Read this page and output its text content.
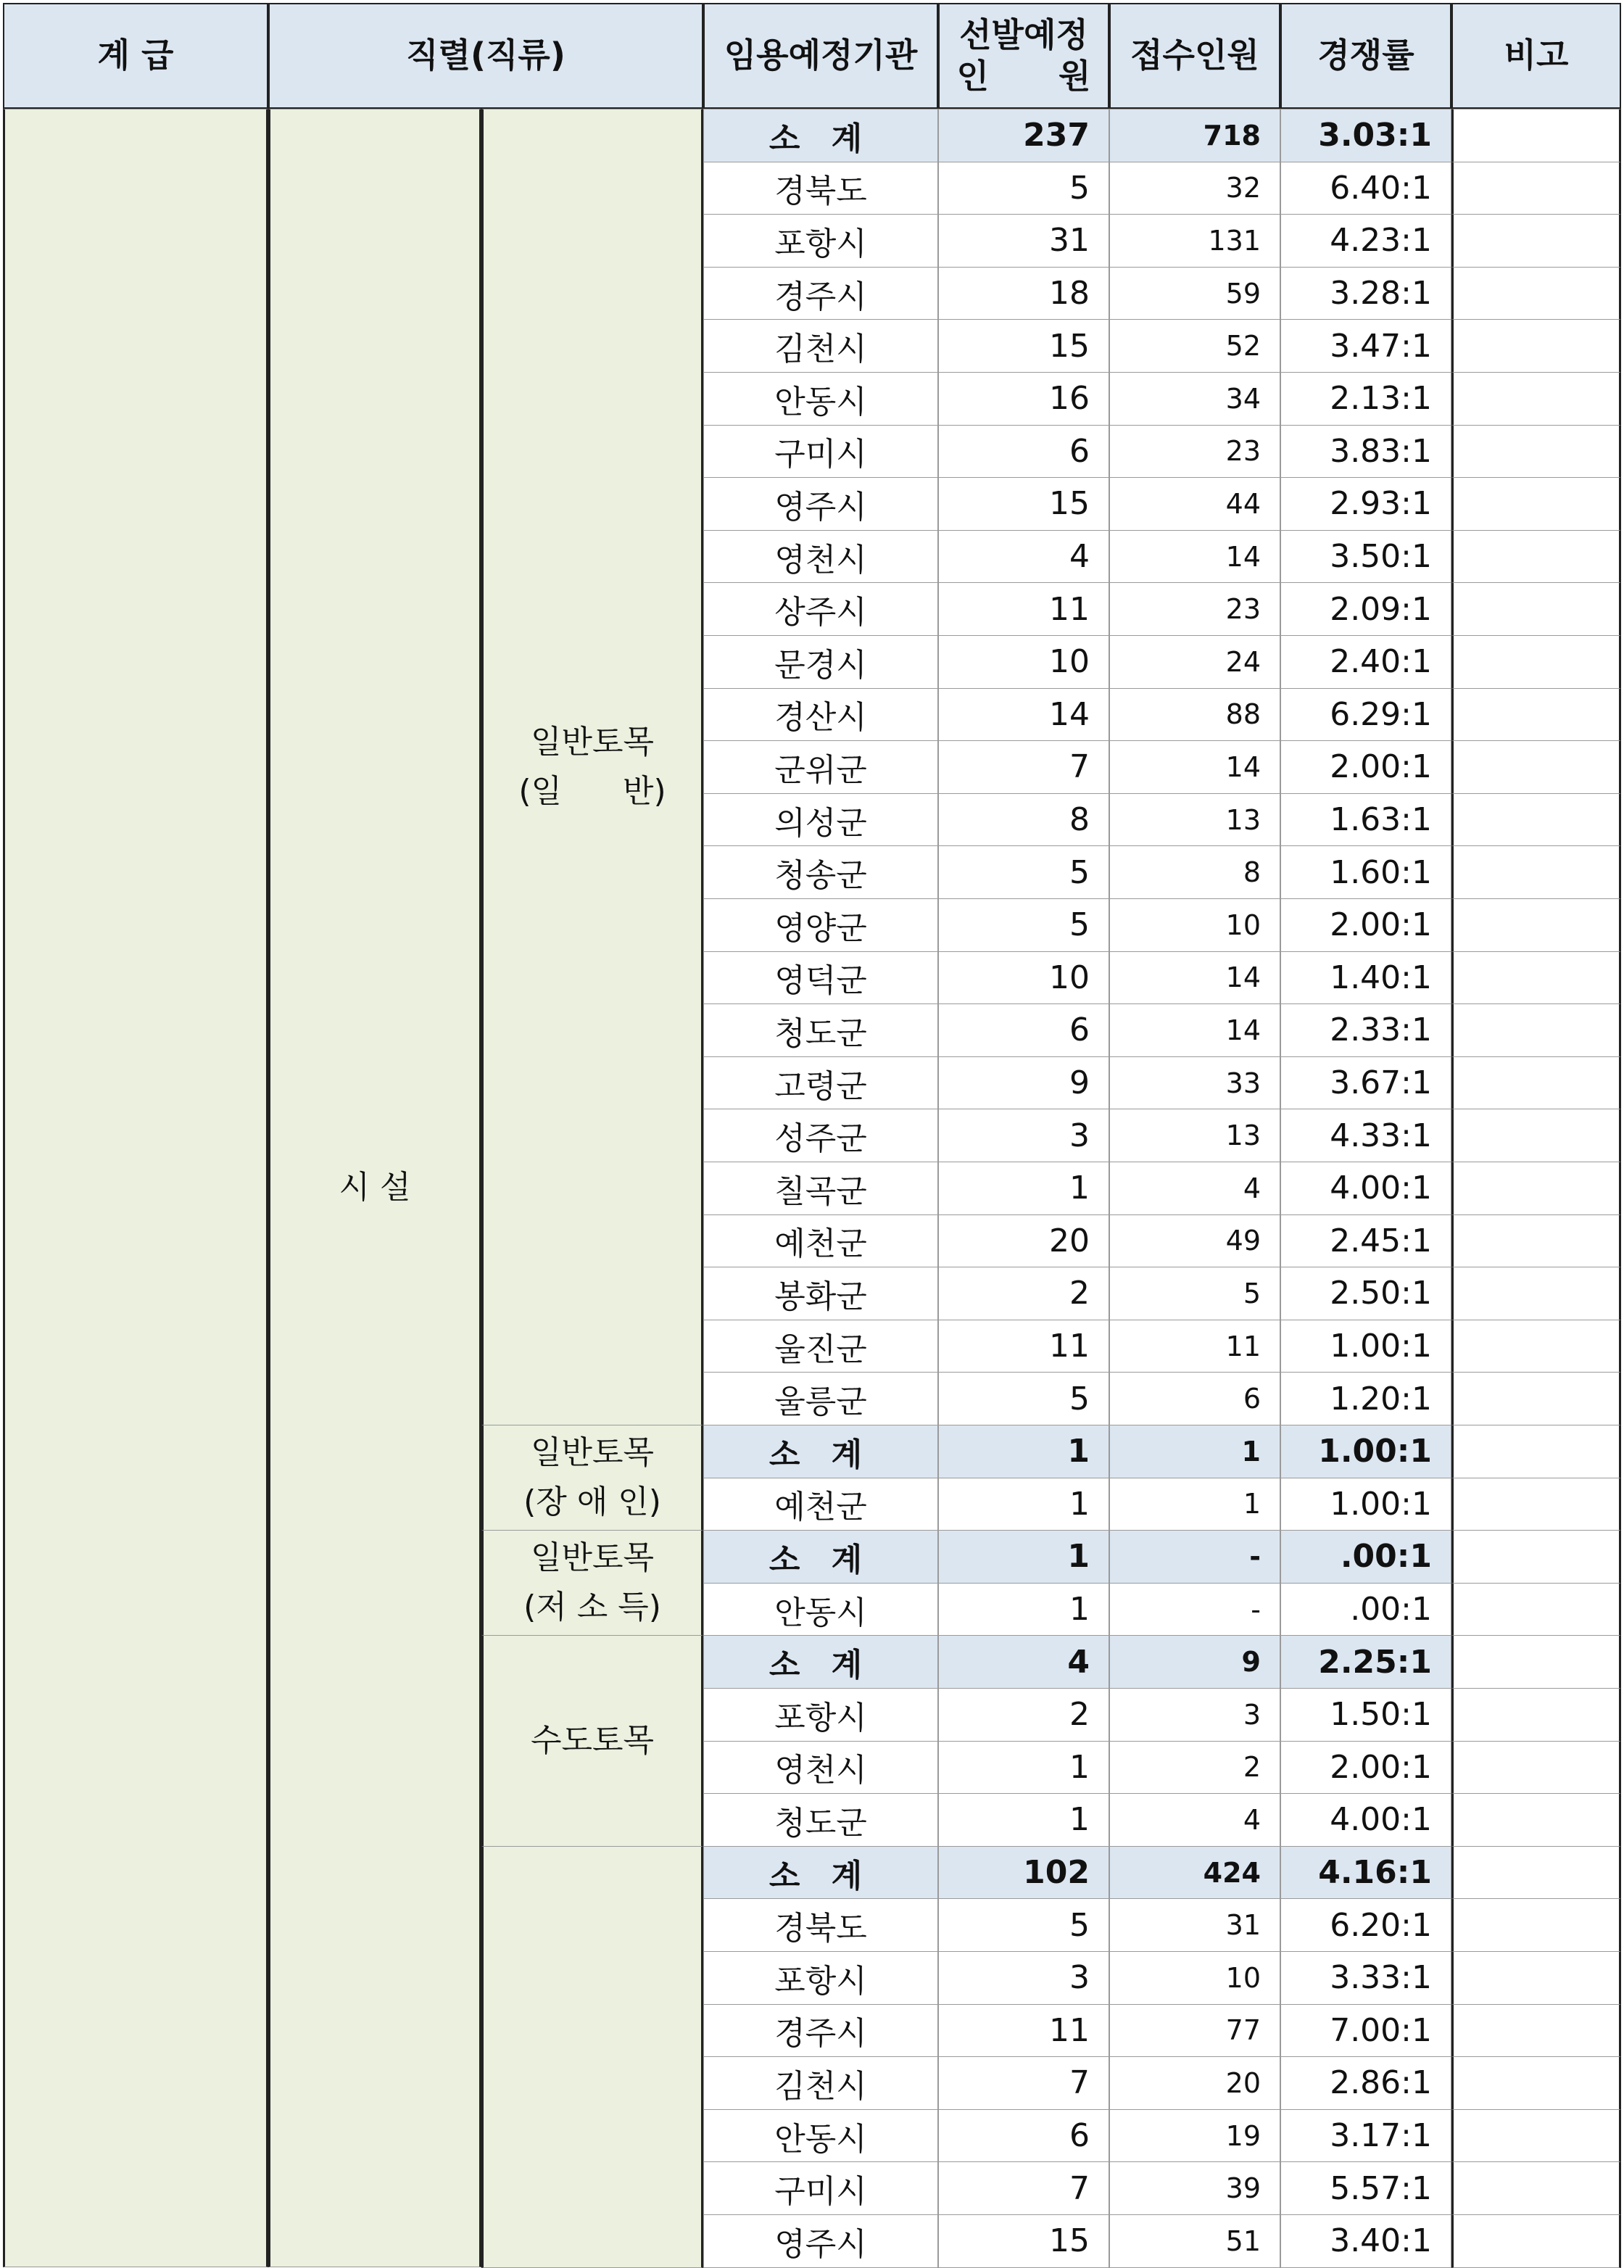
계 급	직렬(직류)	임용예정기관
선발예정
인      원
접수인원	경쟁률	비고
시 설
일반토목
(일      반)
소 계	237	718	3.03:1
경북도	5	32	6.40:1
포항시	31	131	4.23:1
경주시	18	59	3.28:1
김천시	15	52	3.47:1
안동시	16	34	2.13:1
구미시	6	23	3.83:1
영주시	15	44	2.93:1
영천시	4	14	3.50:1
상주시	11	23	2.09:1
문경시	10	24	2.40:1
경산시	14	88	6.29:1
군위군	7	14	2.00:1
의성군	8	13	1.63:1
청송군	5	8	1.60:1
영양군	5	10	2.00:1
영덕군	10	14	1.40:1
청도군	6	14	2.33:1
고령군	9	33	3.67:1
성주군	3	13	4.33:1
칠곡군	1	4	4.00:1
예천군	20	49	2.45:1
봉화군	2	5	2.50:1
울진군	11	11	1.00:1
울릉군	5	6	1.20:1
일반토목
(장 애 인)
소 계	1	1	1.00:1
예천군	1	1	1.00:1
일반토목
(저 소 득)
소 계	1	-	.00:1
안동시	1	-	.00:1
수도토목
소 계	4	9	2.25:1
포항시	2	3	1.50:1
영천시	1	2	2.00:1
청도군	1	4	4.00:1
소 계	102	424	4.16:1
경북도	5	31	6.20:1
포항시	3	10	3.33:1
경주시	11	77	7.00:1
김천시	7	20	2.86:1
안동시	6	19	3.17:1
구미시	7	39	5.57:1
영주시	15	51	3.40:1
